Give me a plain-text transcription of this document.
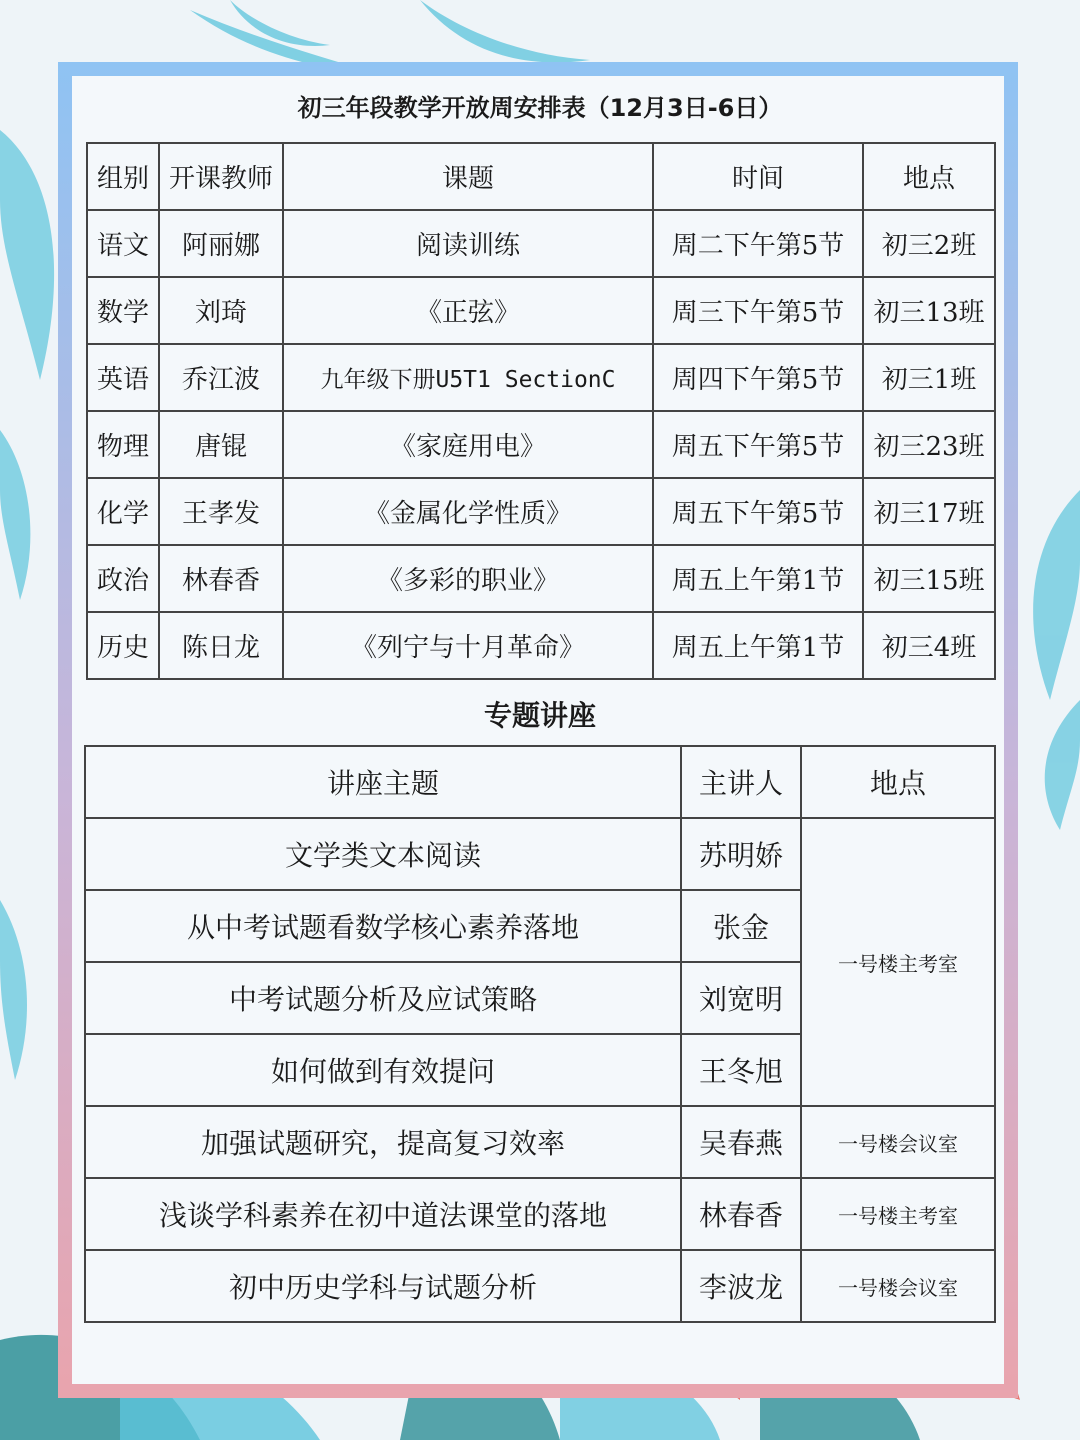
初三年段教学开放周安排表（12月3日-6日）
组别	开课教师	课题	时间	地点
语文	阿丽娜	阅读训练	周二下午第5节	初三2班
数学	刘琦	《正弦》	周三下午第5节	初三13班
英语	乔江波	九年级下册U5T1 SectionC	周四下午第5节	初三1班
物理	唐锟	《家庭用电》	周五下午第5节	初三23班
化学	王孝发	《金属化学性质》	周五下午第5节	初三17班
政治	林春香	《多彩的职业》	周五上午第1节	初三15班
历史	陈日龙	《列宁与十月革命》	周五上午第1节	初三4班
专题讲座
讲座主题	主讲人	地点
文学类文本阅读	苏明娇	一号楼主考室
从中考试题看数学核心素养落地	张金	
中考试题分析及应试策略	刘宽明	
如何做到有效提问	王冬旭	
加强试题研究，提高复习效率	吴春燕	一号楼会议室
浅谈学科素养在初中道法课堂的落地	林春香	一号楼主考室
初中历史学科与试题分析	李波龙	一号楼会议室
